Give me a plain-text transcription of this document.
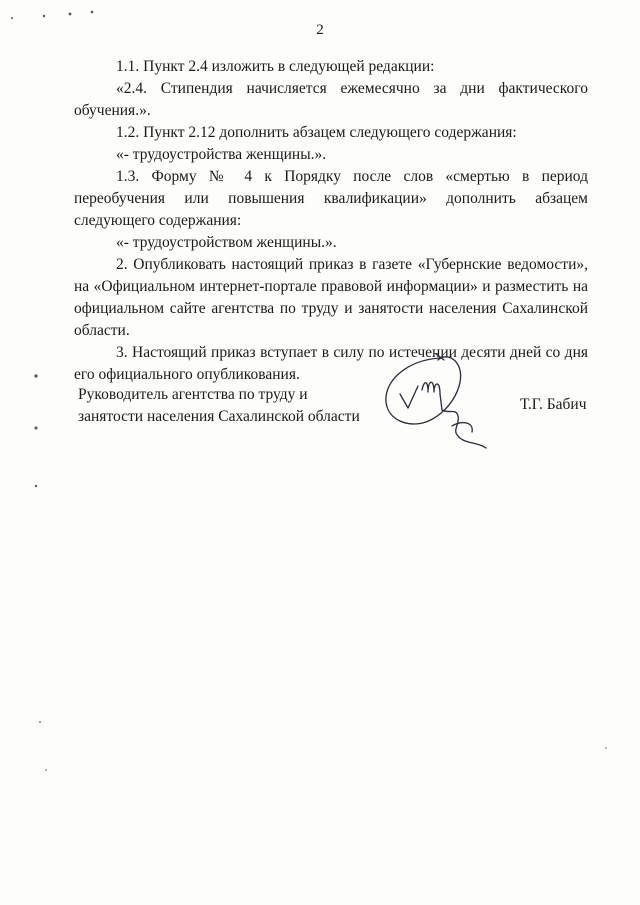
2

1.1. Пункт 2.4 изложить в следующей редакции:

«2.4. Стипендия начисляется ежемесячно за дни фактического обучения.».

1.2. Пункт 2.12 дополнить абзацем следующего содержания:

«- трудоустройства женщины.».

1.3. Форму № 4 к Порядку после слов «смертью в период переобучения или повышения квалификации» дополнить абзацем следующего содержания:

«- трудоустройством женщины.».

2. Опубликовать настоящий приказ в газете «Губернские ведомости», на «Официальном интернет-портале правовой информации» и разместить на официальном сайте агентства по труду и занятости населения Сахалинской области.

3. Настоящий приказ вступает в силу по истечении десяти дней со дня его официального опубликования.

Руководитель агентства по труду и
занятости населения Сахалинской области
Т.Г. Бабич
